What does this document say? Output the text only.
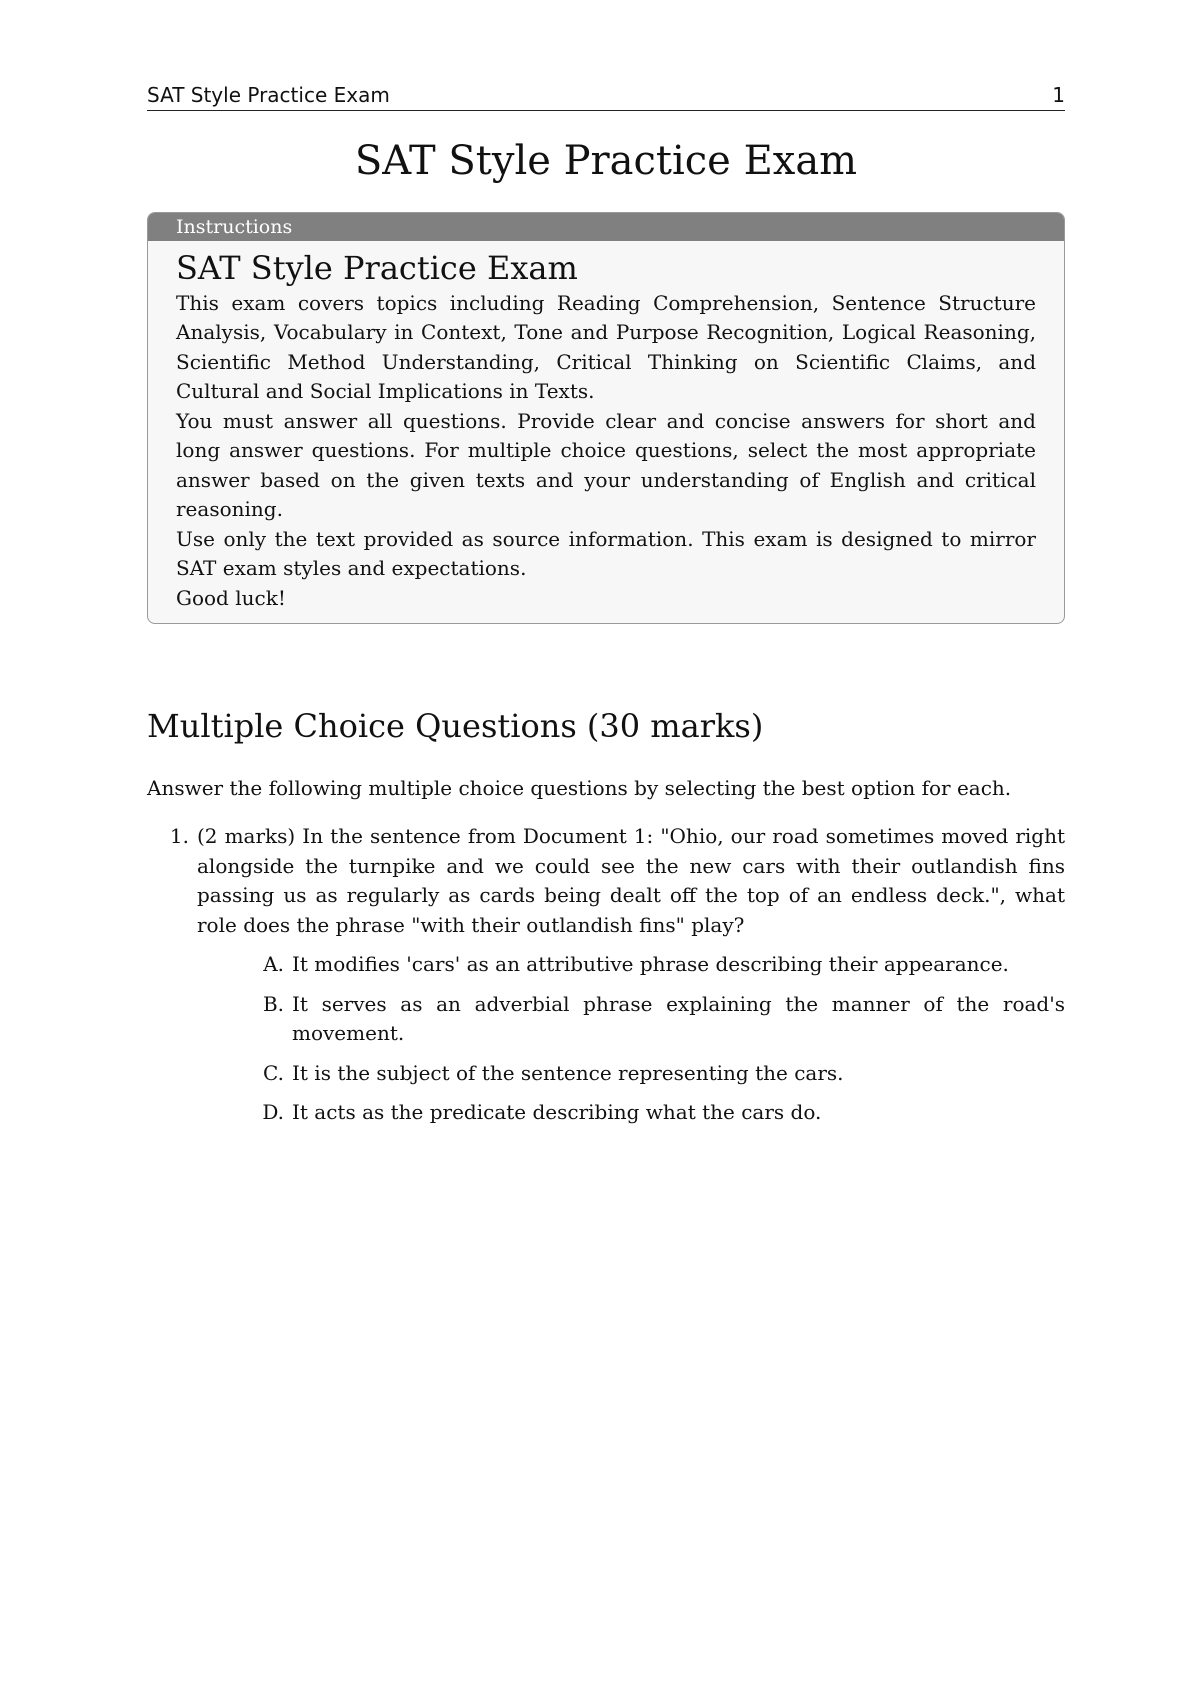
SAT Style Practice Exam	1
SAT Style Practice Exam
Instructions
SAT Style Practice Exam

This exam covers topics including Reading Comprehension, Sentence Structure Analysis, Vocabulary in Context, Tone and Purpose Recognition, Logical Reasoning, Scientific Method Understanding, Critical Thinking on Scientific Claims, and Cultural and Social Implications in Texts.

You must answer all questions. Provide clear and concise answers for short and long answer questions. For multiple choice questions, select the most appropriate answer based on the given texts and your understanding of English and critical reasoning.

Use only the text provided as source information. This exam is designed to mirror SAT exam styles and expectations.

Good luck!

Multiple Choice Questions (30 marks)
Answer the following multiple choice questions by selecting the best option for each.
1. (2 marks) In the sentence from Document 1: "Ohio, our road sometimes moved right alongside the turnpike and we could see the new cars with their outlandish fins passing us as regularly as cards being dealt off the top of an endless deck.", what role does the phrase "with their outlandish fins" play?
A. It modifies 'cars' as an attributive phrase describing their appearance.
B. It serves as an adverbial phrase explaining the manner of the road's movement.
C. It is the subject of the sentence representing the cars.
D. It acts as the predicate describing what the cars do.
